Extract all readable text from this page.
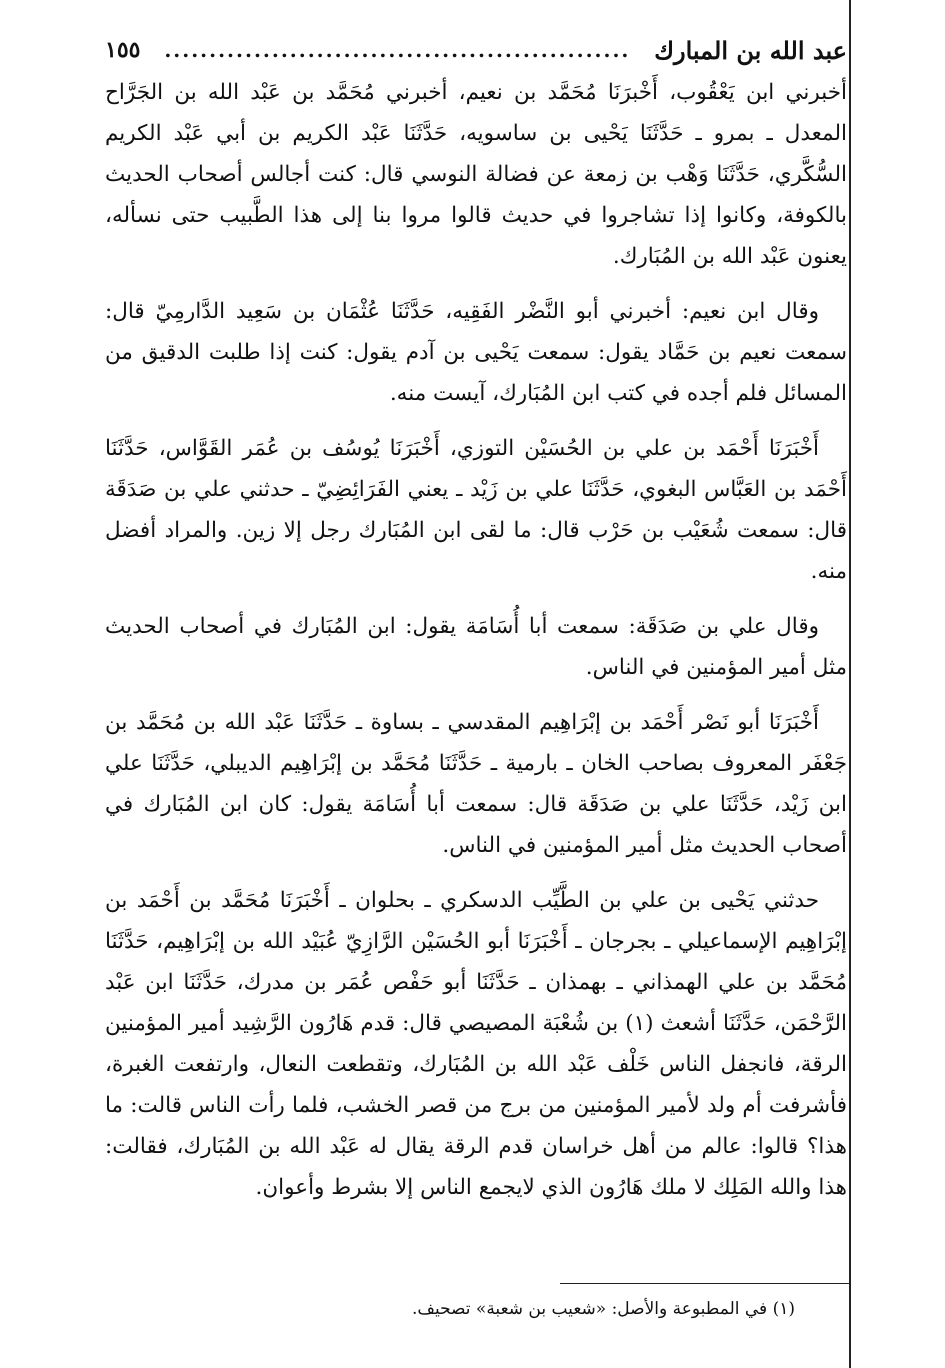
عبد الله بن المبارك
....................................................
١٥٥

أخبرني ابن يَعْقُوب، أَخْبرَنَا مُحَمَّد بن نعيم، أخبرني مُحَمَّد بن عَبْد الله بن الجَرَّاح المعدل ـ بمرو ـ حَدَّثَنَا يَحْيى بن ساسويه، حَدَّثَنَا عَبْد الكريم بن أبي عَبْد الكريم السُّكَّري، حَدَّثَنَا وَهْب بن زمعة عن فضالة النوسي قال: كنت أجالس أصحاب الحديث بالكوفة، وكانوا إذا تشاجروا في حديث قالوا مروا بنا إلى هذا الطَّبيب حتى نسأله، يعنون عَبْد الله بن المُبَارك.

وقال ابن نعيم: أخبرني أبو النَّضْر الفَقِيه، حَدَّثَنَا عُثْمَان بن سَعِيد الدَّارمِيّ قال: سمعت نعيم بن حَمَّاد يقول: سمعت يَحْيى بن آدم يقول: كنت إذا طلبت الدقيق من المسائل فلم أجده في كتب ابن المُبَارك، آيست منه.

أَخْبَرَنَا أَحْمَد بن علي بن الحُسَيْن التوزي، أَخْبَرَنَا يُوسُف بن عُمَر القَوَّاس، حَدَّثَنَا أَحْمَد بن العَبَّاس البغوي، حَدَّثَنَا علي بن زَيْد ـ يعني الفَرَائِضِيّ ـ حدثني علي بن صَدَقَة قال: سمعت شُعَيْب بن حَرْب قال: ما لقى ابن المُبَارك رجل إلا زين. والمراد أفضل منه.

وقال علي بن صَدَقَة: سمعت أبا أُسَامَة يقول: ابن المُبَارك في أصحاب الحديث مثل أمير المؤمنين في الناس.

أَخْبَرَنَا أبو نَصْر أَحْمَد بن إبْرَاهِيم المقدسي ـ بساوة ـ حَدَّثَنَا عَبْد الله بن مُحَمَّد بن جَعْفَر المعروف بصاحب الخان ـ بارمية ـ حَدَّثَنَا مُحَمَّد بن إبْرَاهِيم الديبلي، حَدَّثَنَا علي ابن زَيْد، حَدَّثَنَا علي بن صَدَقَة قال: سمعت أبا أُسَامَة يقول: كان ابن المُبَارك في أصحاب الحديث مثل أمير المؤمنين في الناس.

حدثني يَحْيى بن علي بن الطَّيِّب الدسكري ـ بحلوان ـ أَخْبَرَنَا مُحَمَّد بن أَحْمَد بن إبْرَاهِيم الإسماعيلي ـ بجرجان ـ أَخْبَرَنَا أبو الحُسَيْن الرَّازِيّ عُبَيْد الله بن إبْرَاهِيم، حَدَّثَنَا مُحَمَّد بن علي الهمذاني ـ بهمذان ـ حَدَّثَنَا أبو حَفْص عُمَر بن مدرك، حَدَّثَنَا ابن عَبْد الرَّحْمَن، حَدَّثَنَا أشعث (١) بن شُعْبَة المصيصي قال: قدم هَارُون الرَّشِيد أمير المؤمنين الرقة، فانجفل الناس خَلْف عَبْد الله بن المُبَارك، وتقطعت النعال، وارتفعت الغبرة، فأشرفت أم ولد لأمير المؤمنين من برج من قصر الخشب، فلما رأت الناس قالت: ما هذا؟ قالوا: عالم من أهل خراسان قدم الرقة يقال له عَبْد الله بن المُبَارك، فقالت: هذا والله المَلِك لا ملك هَارُون الذي لايجمع الناس إلا بشرط وأعوان.

(١) في المطبوعة والأصل: «شعيب بن شعبة» تصحيف.
